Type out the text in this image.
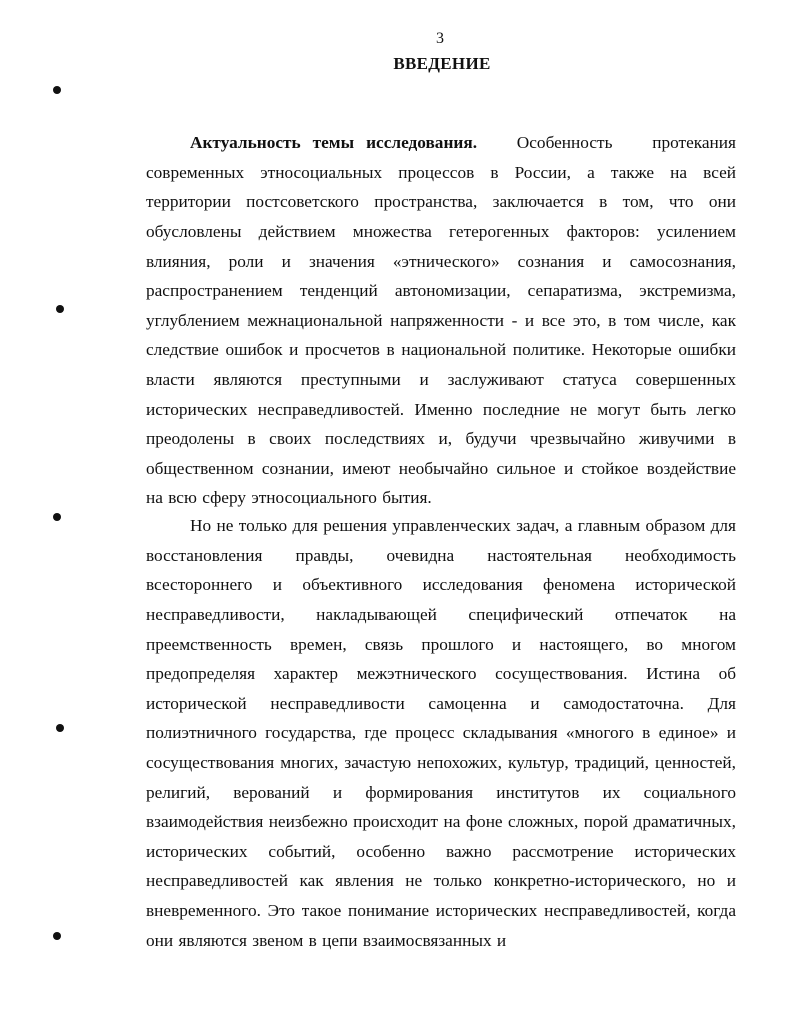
3
ВВЕДЕНИЕ

Актуальность темы исследования. Особенность протекания современных этносоциальных процессов в России, а также на всей территории постсоветского пространства, заключается в том, что они обусловлены действием множества гетерогенных факторов: усилением влияния, роли и значения «этнического» сознания и самосознания, распространением тенденций автономизации, сепаратизма, экстремизма, углублением межнациональной напряженности - и все это, в том числе, как следствие ошибок и просчетов в национальной политике. Некоторые ошибки власти являются преступными и заслуживают статуса совершенных исторических несправедливостей. Именно последние не могут быть легко преодолены в своих последствиях и, будучи чрезвычайно живучими в общественном сознании, имеют необычайно сильное и стойкое воздействие на всю сферу этносоциального бытия.

Но не только для решения управленческих задач, а главным образом для восстановления правды, очевидна настоятельная необходимость всестороннего и объективного исследования феномена исторической несправедливости, накладывающей специфический отпечаток на преемственность времен, связь прошлого и настоящего, во многом предопределяя характер межэтнического сосуществования. Истина об исторической несправедливости самоценна и самодостаточна. Для полиэтничного государства, где процесс складывания «многого в единое» и сосуществования многих, зачастую непохожих, культур, традиций, ценностей, религий, верований и формирования институтов их социального взаимодействия неизбежно происходит на фоне сложных, порой драматичных, исторических событий, особенно важно рассмотрение исторических несправедливостей как явления не только конкретно-исторического, но и вневременного. Это такое понимание исторических несправедливостей, когда они являются звеном в цепи взаимосвязанных и
